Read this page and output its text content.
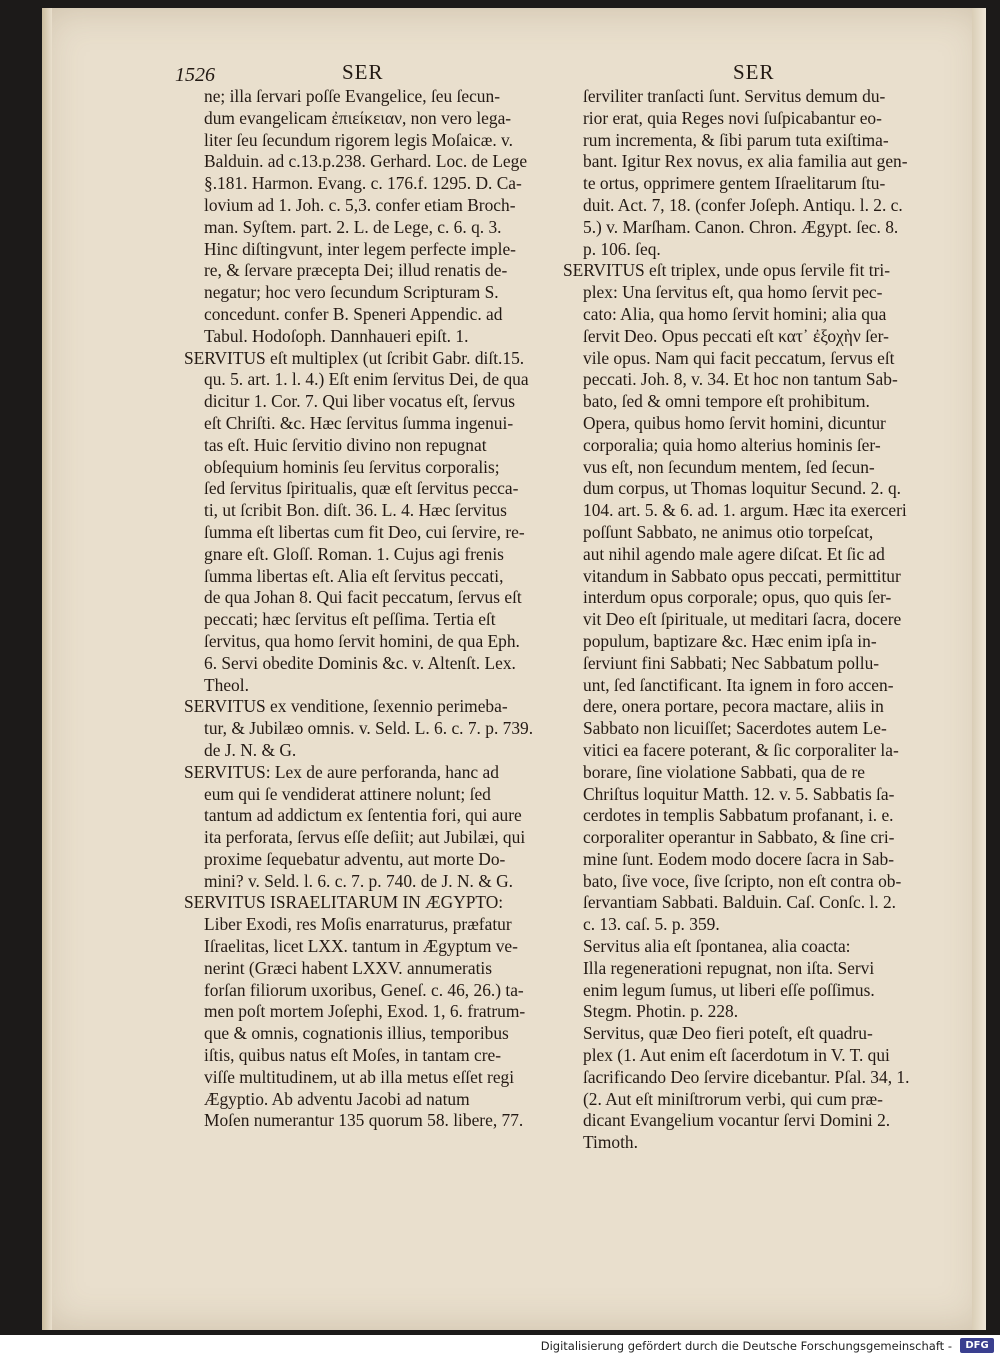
1526	SER	SER
ne; illa ſervari poſſe Evangelice, ſeu ſecun-
dum evangelicam ἐπιείκειαν, non vero lega-
liter ſeu ſecundum rigorem legis Moſaicæ. v.
Balduin. ad c.13.p.238. Gerhard. Loc. de Lege
§.181. Harmon. Evang. c. 176.f. 1295. D. Ca-
lovium ad 1. Joh. c. 5,3. confer etiam Broch-
man. Syſtem. part. 2. L. de Lege, c. 6. q. 3.
Hinc diſtingvunt, inter legem perfecte imple-
re, & ſervare præcepta Dei; illud renatis de-
negatur; hoc vero ſecundum Scripturam S.
concedunt. confer B. Speneri Appendic. ad
Tabul. Hodoſoph. Dannhaueri epiſt. 1.
SERVITUS eſt multiplex (ut ſcribit Gabr. diſt.15.
qu. 5. art. 1. l. 4.) Eſt enim ſervitus Dei, de qua
dicitur 1. Cor. 7. Qui liber vocatus eſt, ſervus
eſt Chriſti. &c. Hæc ſervitus ſumma ingenui-
tas eſt. Huic ſervitio divino non repugnat
obſequium hominis ſeu ſervitus corporalis;
ſed ſervitus ſpiritualis, quæ eſt ſervitus pecca-
ti, ut ſcribit Bon. diſt. 36. L. 4. Hæc ſervitus
ſumma eſt libertas cum fit Deo, cui ſervire, re-
gnare eſt. Gloſſ. Roman. 1. Cujus agi frenis
ſumma libertas eſt. Alia eſt ſervitus peccati,
de qua Johan 8. Qui facit peccatum, ſervus eſt
peccati; hæc ſervitus eſt peſſima. Tertia eſt
ſervitus, qua homo ſervit homini, de qua Eph.
6. Servi obedite Dominis &c. v. Altenſt. Lex.
Theol.
SERVITUS ex venditione, ſexennio perimeba-
tur, & Jubilæo omnis. v. Seld. L. 6. c. 7. p. 739.
de J. N. & G.
SERVITUS: Lex de aure perforanda, hanc ad
eum qui ſe vendiderat attinere nolunt; ſed
tantum ad addictum ex ſententia fori, qui aure
ita perforata, ſervus eſſe deſiit; aut Jubilæi, qui
proxime ſequebatur adventu, aut morte Do-
mini? v. Seld. l. 6. c. 7. p. 740. de J. N. & G.
SERVITUS ISRAELITARUM IN ÆGYPTO:
Liber Exodi, res Moſis enarraturus, præfatur
Iſraelitas, licet LXX. tantum in Ægyptum ve-
nerint (Græci habent LXXV. annumeratis
forſan filiorum uxoribus, Geneſ. c. 46, 26.) ta-
men poſt mortem Joſephi, Exod. 1, 6. fratrum-
que & omnis, cognationis illius, temporibus
iſtis, quibus natus eſt Moſes, in tantam cre-
viſſe multitudinem, ut ab illa metus eſſet regi
Ægyptio. Ab adventu Jacobi ad natum
Moſen numerantur 135 quorum 58. libere, 77.
ſerviliter tranſacti ſunt. Servitus demum du-
rior erat, quia Reges novi ſuſpicabantur eo-
rum incrementa, & ſibi parum tuta exiſtima-
bant. Igitur Rex novus, ex alia familia aut gen-
te ortus, opprimere gentem Iſraelitarum ſtu-
duit. Act. 7, 18. (confer Joſeph. Antiqu. l. 2. c.
5.) v. Marſham. Canon. Chron. Ægypt. ſec. 8.
p. 106. ſeq.
SERVITUS eſt triplex, unde opus ſervile fit tri-
plex: Una ſervitus eſt, qua homo ſervit pec-
cato: Alia, qua homo ſervit homini; alia qua
ſervit Deo. Opus peccati eſt κατ᾽ ἐξοχὴν ſer-
vile opus. Nam qui facit peccatum, ſervus eſt
peccati. Joh. 8, v. 34. Et hoc non tantum Sab-
bato, ſed & omni tempore eſt prohibitum.
Opera, quibus homo ſervit homini, dicuntur
corporalia; quia homo alterius hominis ſer-
vus eſt, non ſecundum mentem, ſed ſecun-
dum corpus, ut Thomas loquitur Secund. 2. q.
104. art. 5. & 6. ad. 1. argum. Hæc ita exerceri
poſſunt Sabbato, ne animus otio torpeſcat,
aut nihil agendo male agere diſcat. Et ſic ad
vitandum in Sabbato opus peccati, permittitur
interdum opus corporale; opus, quo quis ſer-
vit Deo eſt ſpirituale, ut meditari ſacra, docere
populum, baptizare &c. Hæc enim ipſa in-
ſerviunt fini Sabbati; Nec Sabbatum pollu-
unt, ſed ſanctificant. Ita ignem in foro accen-
dere, onera portare, pecora mactare, aliis in
Sabbato non licuiſſet; Sacerdotes autem Le-
vitici ea facere poterant, & ſic corporaliter la-
borare, ſine violatione Sabbati, qua de re
Chriſtus loquitur Matth. 12. v. 5. Sabbatis ſa-
cerdotes in templis Sabbatum profanant, i. e.
corporaliter operantur in Sabbato, & ſine cri-
mine ſunt. Eodem modo docere ſacra in Sab-
bato, ſive voce, ſive ſcripto, non eſt contra ob-
ſervantiam Sabbati. Balduin. Caſ. Conſc. l. 2.
c. 13. caſ. 5. p. 359.
Servitus alia eſt ſpontanea, alia coacta:
Illa regenerationi repugnat, non iſta. Servi
enim legum ſumus, ut liberi eſſe poſſimus.
Stegm. Photin. p. 228.
Servitus, quæ Deo fieri poteſt, eſt quadru-
plex (1. Aut enim eſt ſacerdotum in V. T. qui
ſacrificando Deo ſervire dicebantur. Pſal. 34, 1.
(2. Aut eſt miniſtrorum verbi, qui cum præ-
dicant Evangelium vocantur ſervi Domini 2.
Timoth.
Digitalisierung gefördert durch die Deutsche Forschungsgemeinschaft -	DFG
